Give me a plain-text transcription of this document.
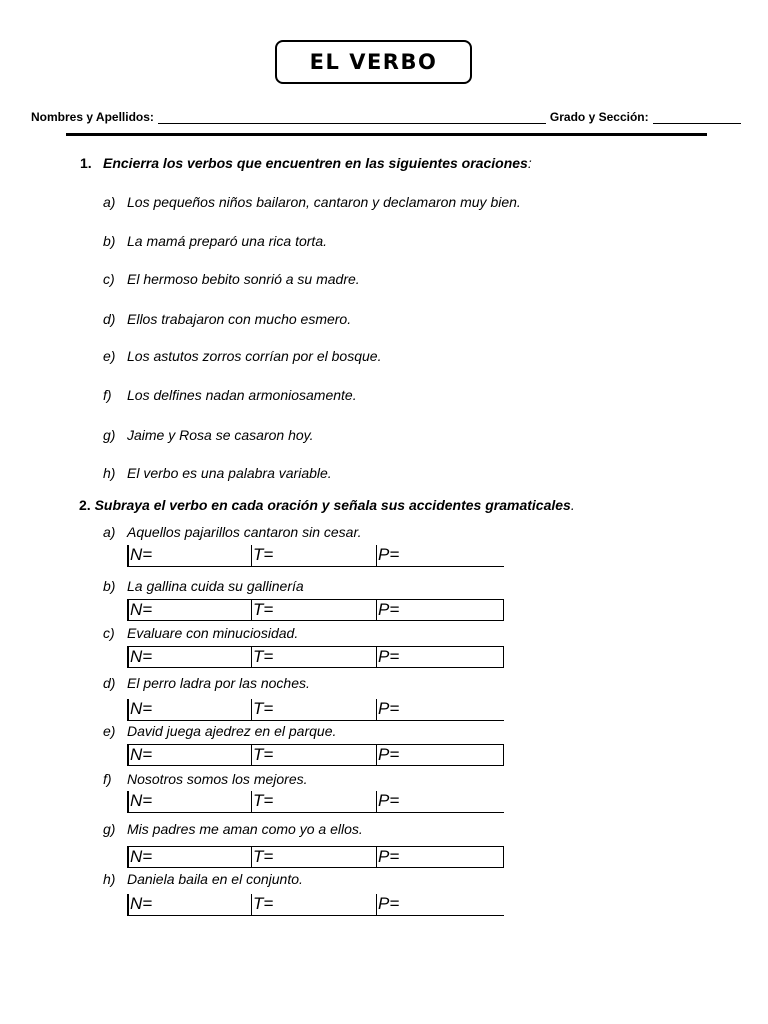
EL VERBO
Nombres y Apellidos:	Grado y Sección:
1. Encierra los verbos que encuentren en las siguientes oraciones:
a) Los pequeños niños bailaron, cantaron y declamaron muy bien.
b) La mamá preparó una rica torta.
c) El hermoso bebito sonrió a su madre.
d) Ellos trabajaron con mucho esmero.
e) Los astutos zorros corrían por el bosque.
f) Los delfines nadan armoniosamente.
g) Jaime y Rosa se casaron hoy.
h) El verbo es una palabra variable.
2. Subraya el verbo en cada oración y señala sus accidentes gramaticales.
a) Aquellos pajarillos cantaron sin cesar.
N=	T=	P=
b) La gallina cuida su gallinería
N=	T=	P=
c) Evaluare con minuciosidad.
N=	T=	P=
d) El perro ladra por las noches.
N=	T=	P=
e) David juega ajedrez en el parque.
N=	T=	P=
f) Nosotros somos los mejores.
N=	T=	P=
g) Mis padres me aman como yo a ellos.
N=	T=	P=
h) Daniela baila en el conjunto.
N=	T=	P=
